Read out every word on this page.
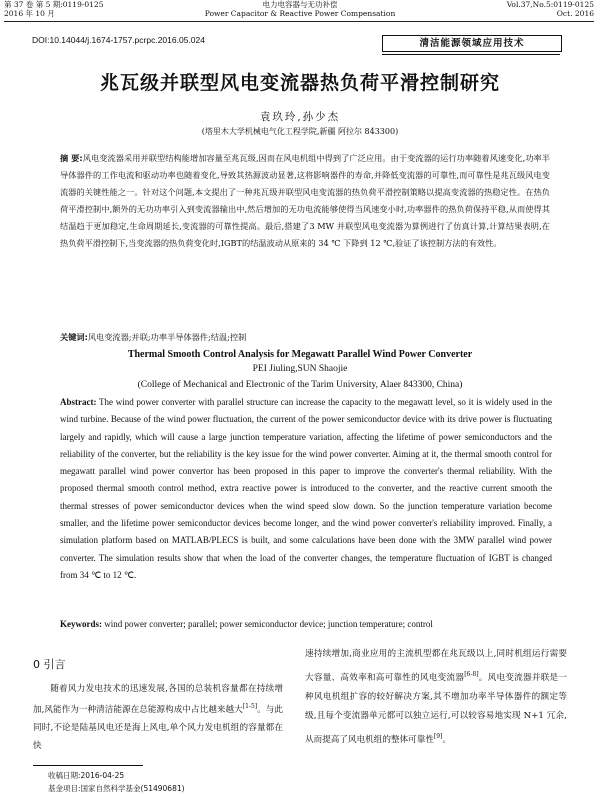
第 37 卷 第 5 期:0119-0125
2016 年 10 月
电力电容器与无功补偿
Power Capacitor & Reactive Power Compensation
Vol.37,No.5:0119-0125
Oct. 2016
DOI:10.14044/j.1674-1757.pcrpc.2016.05.024	清洁能源领域应用技术
兆瓦级并联型风电变流器热负荷平滑控制研究
袁玖玲,孙少杰
(塔里木大学机械电气化工程学院,新疆 阿拉尔 843300)
摘 要:风电变流器采用并联型结构能增加容量至兆瓦级,因而在风电机组中得到了广泛应用。由于变流器的运行功率随着风速变化,功率半导体器件的工作电流和驱动功率也随着变化,导致其热源波动显著,这将影响器件的寿命,并降低变流器的可靠性,而可靠性是兆瓦级风电变流器的关键性能之一。针对这个问题,本文提出了一种兆瓦级并联型风电变流器的热负荷平滑控制策略以提高变流器的热稳定性。在热负荷平滑控制中,额外的无功功率引入到变流器输出中,然后增加的无功电流能够使得当风速变小时,功率器件的热负荷保持平稳,从而使得其结温趋于更加稳定,生命周期延长,变流器的可靠性提高。最后,搭建了3 MW 并联型风电变流器为算例进行了仿真计算,计算结果表明,在热负荷平滑控制下,当变流器的热负荷变化时,IGBT的结温波动从原来的 34 ℃ 下降到 12 ℃,验证了该控制方法的有效性。
关键词:风电变流器;并联;功率半导体器件;结温;控制
Thermal Smooth Control Analysis for Megawatt Parallel Wind Power Converter
PEI Jiuling,SUN Shaojie
(College of Mechanical and Electronic of the Tarim University, Alaer 843300, China)
Abstract: The wind power converter with parallel structure can increase the capacity to the megawatt level, so it is widely used in the wind turbine. Because of the wind power fluctuation, the current of the power semiconductor device with its drive power is fluctuating largely and rapidly, which will cause a large junction temperature variation, affecting the lifetime of power semiconductors and the reliability of the converter, but the reliability is the key issue for the wind power converter. Aiming at it, the thermal smooth control for megawatt parallel wind power convertor has been proposed in this paper to improve the converter's thermal reliability. With the proposed thermal smooth control method, extra reactive power is introduced to the converter, and the reactive current smooth the thermal stresses of power semiconductor devices when the wind speed slow down. So the junction temperature variation become smaller, and the lifetime power semiconductor devices become longer, and the wind power converter's reliability improved. Finally, a simulation platform based on MATLAB/PLECS is built, and some calculations have been done with the 3MW parallel wind power converter. The simulation results show that when the load of the converter changes, the temperature fluctuation of IGBT is changed from 34 ℃ to 12 ℃.
Keywords: wind power converter; parallel; power semiconductor device; junction temperature; control
0 引言
随着风力发电技术的迅速发展,各国的总装机容量都在持续增加,风能作为一种清洁能源在总能源构成中占比越来越大[1-5]。与此同时,不论是陆基风电还是海上风电,单个风力发电机组的容量都在快
速持续增加,商业应用的主流机型都在兆瓦级以上,同时机组运行需要大容量、高效率和高可靠性的风电变流器[6-8]。风电变流器并联是一种风电机组扩容的较好解决方案,其不增加功率半导体器件的额定等级,且每个变流器单元都可以独立运行,可以较容易地实现 N+1 冗余,从而提高了风电机组的整体可靠性[9]。
收稿日期:2016-04-25
基金项目:国家自然科学基金(51490681)
